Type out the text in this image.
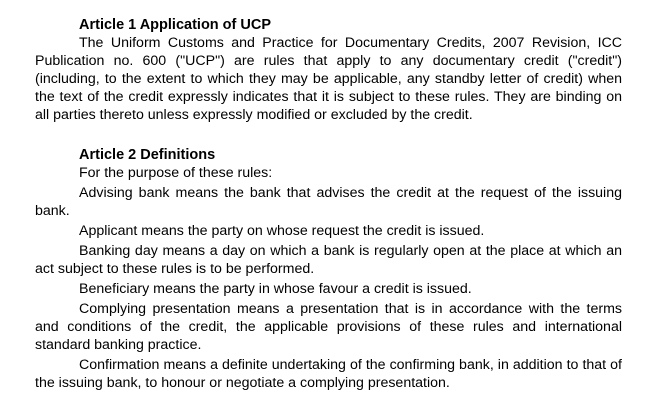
Article 1 Application of UCP

The Uniform Customs and Practice for Documentary Credits, 2007 Revision, ICC Publication no. 600 ("UCP") are rules that apply to any documentary credit ("credit") (including, to the extent to which they may be applicable, any standby letter of credit) when the text of the credit expressly indicates that it is subject to these rules. They are binding on all parties thereto unless expressly modified or excluded by the credit.

Article 2 Definitions

For the purpose of these rules:

Advising bank means the bank that advises the credit at the request of the issuing bank.

Applicant means the party on whose request the credit is issued.

Banking day means a day on which a bank is regularly open at the place at which an act subject to these rules is to be performed.

Beneficiary means the party in whose favour a credit is issued.

Complying presentation means a presentation that is in accordance with the terms and conditions of the credit, the applicable provisions of these rules and international standard banking practice.

Confirmation means a definite undertaking of the confirming bank, in addition to that of the issuing bank, to honour or negotiate a complying presentation.
